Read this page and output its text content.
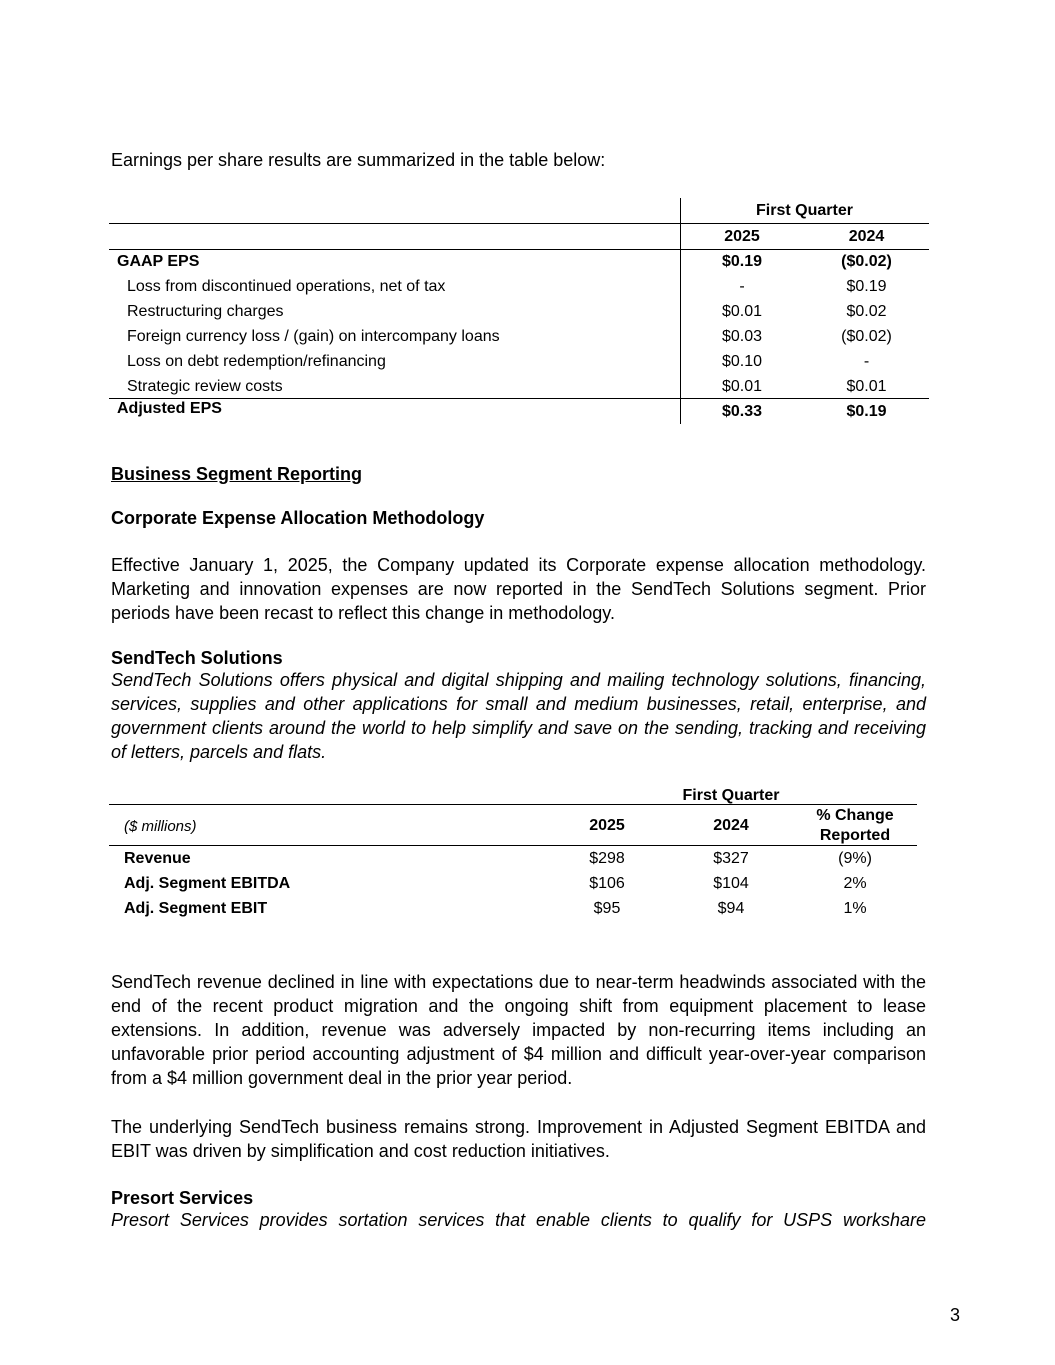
Earnings per share results are summarized in the table below:

First Quarter
2025	2024
GAAP EPS	$0.19	($0.02)
Loss from discontinued operations, net of tax	-	$0.19
Restructuring charges	$0.01	$0.02
Foreign currency loss / (gain) on intercompany loans	$0.03	($0.02)
Loss on debt redemption/refinancing	$0.10	-
Strategic review costs	$0.01	$0.01
Adjusted EPS	$0.33	$0.19

Business Segment Reporting

Corporate Expense Allocation Methodology

Effective January 1, 2025, the Company updated its Corporate expense allocation methodology. Marketing and innovation expenses are now reported in the SendTech Solutions segment. Prior periods have been recast to reflect this change in methodology.

SendTech Solutions

SendTech Solutions offers physical and digital shipping and mailing technology solutions, financing, services, supplies and other applications for small and medium businesses, retail, enterprise, and government clients around the world to help simplify and save on the sending, tracking and receiving of letters, parcels and flats.

First Quarter
($ millions)	2025	2024
% Change
Reported
Revenue	$298	$327	(9%)
Adj. Segment EBITDA	$106	$104	2%
Adj. Segment EBIT	$95	$94	1%

SendTech revenue declined in line with expectations due to near-term headwinds associated with the end of the recent product migration and the ongoing shift from equipment placement to lease extensions. In addition, revenue was adversely impacted by non-recurring items including an unfavorable prior period accounting adjustment of $4 million and difficult year-over-year comparison from a $4 million government deal in the prior year period.

The underlying SendTech business remains strong. Improvement in Adjusted Segment EBITDA and EBIT was driven by simplification and cost reduction initiatives.

Presort Services

Presort Services provides sortation services that enable clients to qualify for USPS workshare

3
